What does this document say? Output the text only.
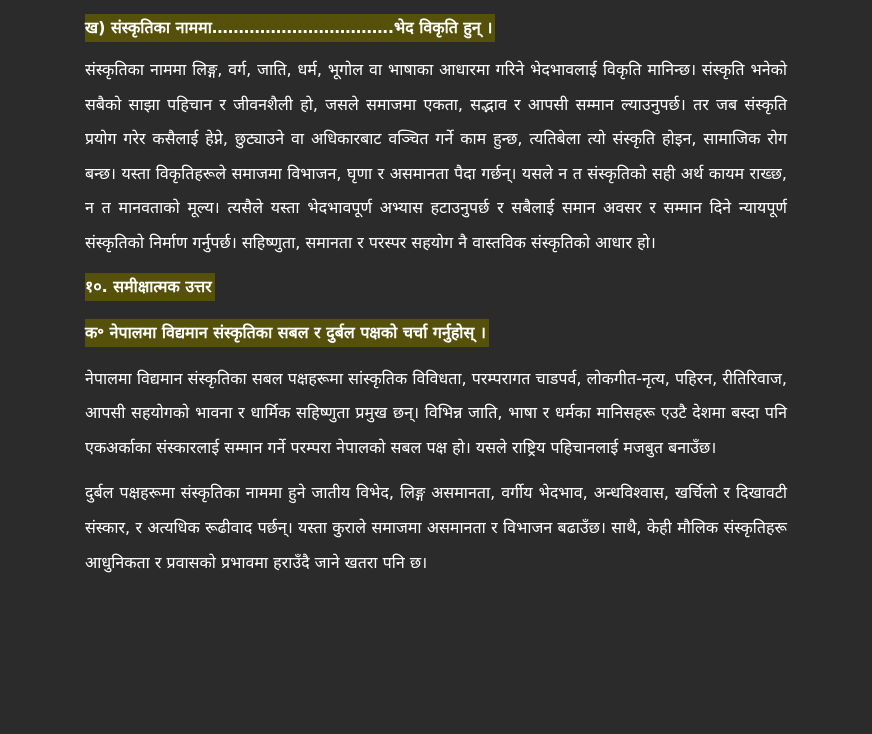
ख) संस्कृतिका नाममा…………………………….भेद विकृति हुन् ।

संस्कृतिका नाममा लिङ्ग, वर्ग, जाति, धर्म, भूगोल वा भाषाका आधारमा गरिने भेदभावलाई विकृति मानिन्छ। संस्कृति भनेको सबैको साझा पहिचान र जीवनशैली हो, जसले समाजमा एकता, सद्भाव र आपसी सम्मान ल्याउनुपर्छ। तर जब संस्कृति प्रयोग गरेर कसैलाई हेप्ने, छुट्याउने वा अधिकारबाट वञ्चित गर्ने काम हुन्छ, त्यतिबेला त्यो संस्कृति होइन, सामाजिक रोग बन्छ। यस्ता विकृतिहरूले समाजमा विभाजन, घृणा र असमानता पैदा गर्छन्। यसले न त संस्कृतिको सही अर्थ कायम राख्छ, न त मानवताको मूल्य। त्यसैले यस्ता भेदभावपूर्ण अभ्यास हटाउनुपर्छ र सबैलाई समान अवसर र सम्मान दिने न्यायपूर्ण संस्कृतिको निर्माण गर्नुपर्छ। सहिष्णुता, समानता र परस्पर सहयोग नै वास्तविक संस्कृतिको आधार हो।

१०. समीक्षात्मक उत्तर
क॰ नेपालमा विद्यमान संस्कृतिका सबल र दुर्बल पक्षको चर्चा गर्नुहोस् ।

नेपालमा विद्यमान संस्कृतिका सबल पक्षहरूमा सांस्कृतिक विविधता, परम्परागत चाडपर्व, लोकगीत-नृत्य, पहिरन, रीतिरिवाज, आपसी सहयोगको भावना र धार्मिक सहिष्णुता प्रमुख छन्। विभिन्न जाति, भाषा र धर्मका मानिसहरू एउटै देशमा बस्दा पनि एकअर्काका संस्कारलाई सम्मान गर्ने परम्परा नेपालको सबल पक्ष हो। यसले राष्ट्रिय पहिचानलाई मजबुत बनाउँछ।

दुर्बल पक्षहरूमा संस्कृतिका नाममा हुने जातीय विभेद, लिङ्ग असमानता, वर्गीय भेदभाव, अन्धविश्वास, खर्चिलो र दिखावटी संस्कार, र अत्यधिक रूढीवाद पर्छन्। यस्ता कुराले समाजमा असमानता र विभाजन बढाउँछ। साथै, केही मौलिक संस्कृतिहरू आधुनिकता र प्रवासको प्रभावमा हराउँदै जाने खतरा पनि छ।
